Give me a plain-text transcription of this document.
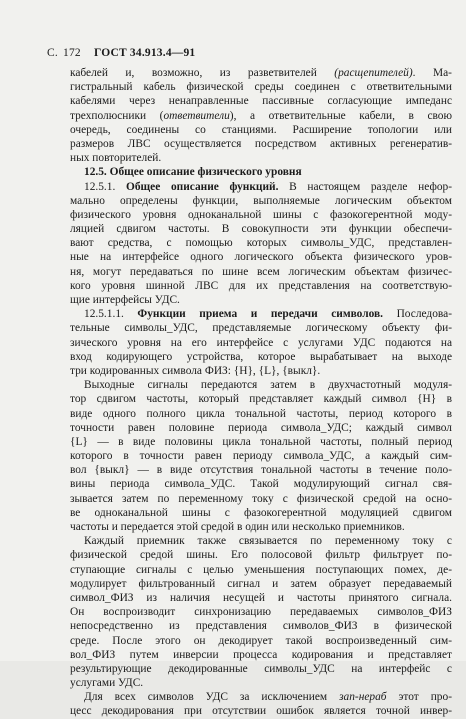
С. 172 ГОСТ 34.913.4—91
кабелей и, возможно, из разветвителей (расщепителей). Ма-
гистральный кабель физической среды соединен с ответвительными
кабелями через ненаправленные пассивные согласующие импеданс
трехполюсники (ответвители), а ответвительные кабели, в свою
очередь, соединены со станциями. Расширение топологии или
размеров ЛВС осуществляется посредством активных регенератив-
ных повторителей.
12.5. Общее описание физического уровня
12.5.1. Общее описание функций. В настоящем разделе нефор-
мально определены функции, выполняемые логическим объектом
физического уровня одноканальной шины с фазокогерентной моду-
ляцией сдвигом частоты. В совокупности эти функции обеспечи-
вают средства, с помощью которых символы_УДС, представлен-
ные на интерфейсе одного логического объекта физического уров-
ня, могут передаваться по шине всем логическим объектам физичес-
кого уровня шинной ЛВС для их представления на соответствую-
щие интерфейсы УДС.
12.5.1.1. Функции приема и передачи символов. Последова-
тельные символы_УДС, представляемые логическому объекту фи-
зического уровня на его интерфейсе с услугами УДС подаются на
вход кодирующего устройства, которое вырабатывает на выходе
три кодированных символа ФИЗ: {H}, {L}, {выкл}.
Выходные сигналы передаются затем в двухчастотный модуля-
тор сдвигом частоты, который представляет каждый символ {H} в
виде одного полного цикла тональной частоты, период которого в
точности равен половине периода символа_УДС; каждый символ
{L} — в виде половины цикла тональной частоты, полный период
которого в точности равен периоду символа_УДС, а каждый сим-
вол {выкл} — в виде отсутствия тональной частоты в течение поло-
вины периода символа_УДС. Такой модулирующий сигнал свя-
зывается затем по переменному току с физической средой на осно-
ве одноканальной шины с фазокогерентной модуляцией сдвигом
частоты и передается этой средой в один или несколько приемников.
Каждый приемник также связывается по переменному току с
физической средой шины. Его полосовой фильтр фильтрует по-
ступающие сигналы с целью уменьшения поступающих помех, де-
модулирует фильтрованный сигнал и затем образует передаваемый
символ_ФИЗ из наличия несущей и частоты принятого сигнала.
Он воспроизводит синхронизацию передаваемых символов_ФИЗ
непосредственно из представления символов_ФИЗ в физической
среде. После этого он декодирует такой воспроизведенный сим-
вол_ФИЗ путем инверсии процесса кодирования и представляет
результирующие декодированные символы_УДС на интерфейс с
услугами УДС.
Для всех символов УДС за исключением зап-нераб этот про-
цесс декодирования при отсутствии ошибок является точной инвер-
